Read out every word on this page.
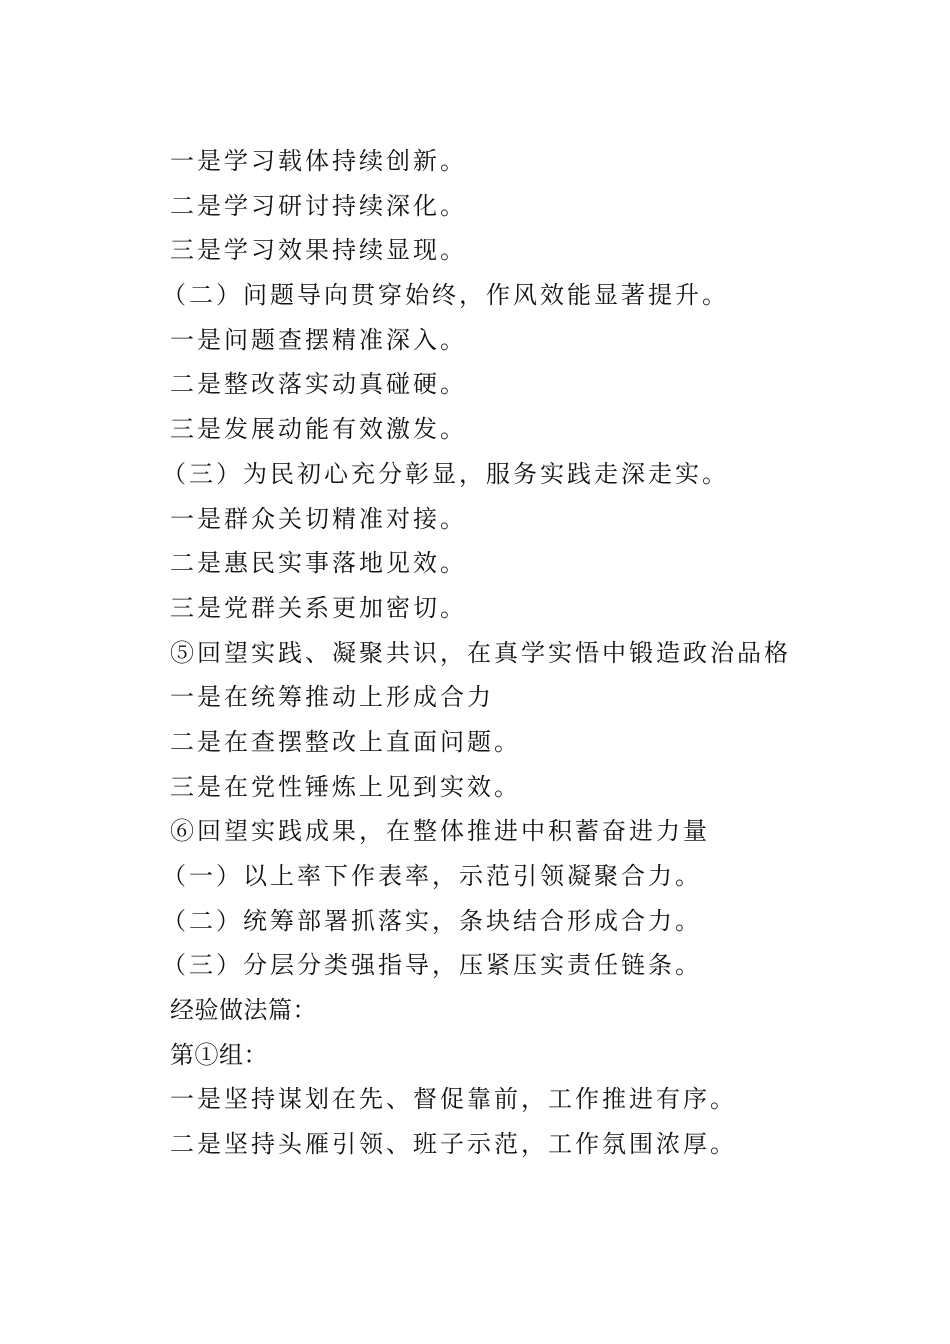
一是学习载体持续创新。
二是学习研讨持续深化。
三是学习效果持续显现。
（二）问题导向贯穿始终，作风效能显著提升。
一是问题查摆精准深入。
二是整改落实动真碰硬。
三是发展动能有效激发。
（三）为民初心充分彰显，服务实践走深走实。
一是群众关切精准对接。
二是惠民实事落地见效。
三是党群关系更加密切。
⑤回望实践、凝聚共识，在真学实悟中锻造政治品格
一是在统筹推动上形成合力
二是在查摆整改上直面问题。
三是在党性锤炼上见到实效。
⑥回望实践成果，在整体推进中积蓄奋进力量
（一）以上率下作表率，示范引领凝聚合力。
（二）统筹部署抓落实，条块结合形成合力。
（三）分层分类强指导，压紧压实责任链条。
经验做法篇：
第①组：
一是坚持谋划在先、督促靠前，工作推进有序。
二是坚持头雁引领、班子示范，工作氛围浓厚。
